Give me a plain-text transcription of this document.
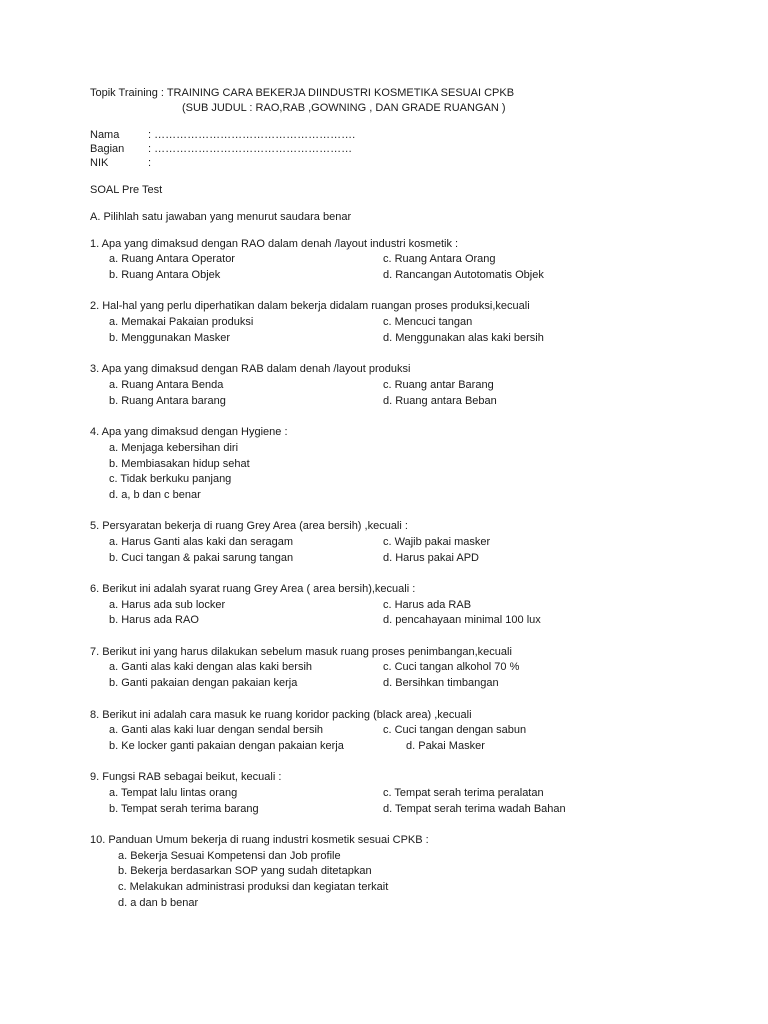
Topik Training : TRAINING CARA BEKERJA DIINDUSTRI KOSMETIKA SESUAI CPKB
(SUB JUDUL : RAO,RAB ,GOWNING , DAN GRADE RUANGAN )
Nama	: ……………………………………………….
Bagian : ………………………………………………
NIK	:
SOAL Pre Test
A. Pilihlah satu jawaban yang menurut saudara benar
1. Apa yang dimaksud dengan RAO dalam denah /layout industri kosmetik :
a. Ruang Antara Operator	c. Ruang Antara Orang
b. Ruang Antara Objek	d. Rancangan Autotomatis Objek
2. Hal-hal yang perlu diperhatikan dalam bekerja didalam ruangan proses produksi,kecuali
a. Memakai Pakaian produksi	c. Mencuci tangan
b. Menggunakan Masker	d. Menggunakan alas kaki bersih
3. Apa yang dimaksud dengan RAB dalam denah /layout produksi
a. Ruang Antara Benda	c. Ruang antar Barang
b. Ruang Antara barang	d. Ruang antara Beban
4. Apa yang dimaksud dengan Hygiene :
a. Menjaga kebersihan diri
b. Membiasakan hidup sehat
c. Tidak berkuku panjang
d. a, b dan c benar
5. Persyaratan bekerja di ruang Grey Area (area bersih) ,kecuali :
a. Harus Ganti alas kaki dan seragam	c. Wajib pakai masker
b. Cuci tangan & pakai sarung tangan	d. Harus pakai APD
6. Berikut ini adalah syarat ruang Grey Area ( area bersih),kecuali :
a. Harus ada sub locker	c. Harus ada RAB
b. Harus ada RAO	d. pencahayaan minimal 100 lux
7. Berikut ini yang harus dilakukan sebelum masuk ruang proses penimbangan,kecuali
a. Ganti alas kaki dengan alas kaki bersih	c. Cuci tangan alkohol 70 %
b. Ganti pakaian dengan pakaian kerja	d. Bersihkan timbangan
8. Berikut ini adalah cara masuk ke ruang koridor packing (black area) ,kecuali
a. Ganti alas kaki luar dengan sendal bersih	c. Cuci tangan dengan sabun
b. Ke locker ganti pakaian dengan pakaian kerja	d. Pakai Masker
9. Fungsi RAB sebagai beikut, kecuali :
a. Tempat lalu lintas orang	c. Tempat serah terima peralatan
b. Tempat serah terima barang	d. Tempat serah terima wadah Bahan
10. Panduan Umum bekerja di ruang industri kosmetik sesuai CPKB :
a. Bekerja Sesuai Kompetensi dan Job profile
b. Bekerja berdasarkan SOP yang sudah ditetapkan
c. Melakukan administrasi produksi dan kegiatan terkait
d. a dan b benar
